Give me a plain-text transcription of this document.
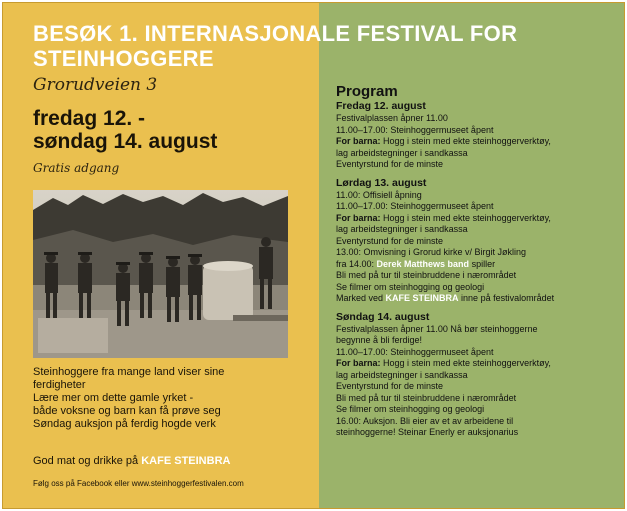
BESØK 1. INTERNASJONALE FESTIVAL FOR STEINHOGGERE
Grorudveien 3
fredag 12. -
søndag 14. august
Gratis adgang
Steinhoggere fra mange land viser sine
ferdigheter
Lære mer om dette gamle yrket -
både voksne og barn kan få prøve seg
Søndag auksjon på ferdig hogde verk
God mat og drikke på KAFE STEINBRA
Følg oss på Facebook eller www.steinhoggerfestivalen.com
Program
Fredag 12. august
Festivalplassen åpner 11.00
11.00–17.00: Steinhoggermuseet åpent
For barna: Hogg i stein med ekte steinhoggerverktøy,
lag arbeidstegninger i sandkassa
Eventyrstund for de minste
Lørdag 13. august
11.00: Offisiell åpning
11.00–17.00: Steinhoggermuseet åpent
For barna: Hogg i stein med ekte steinhoggerverktøy,
lag arbeidstegninger i sandkassa
Eventyrstund for de minste
13.00: Omvisning i Grorud kirke v/ Birgit Jøkling
fra 14.00: Derek Matthews band spiller
Bli med på tur til steinbruddene i nærområdet
Se filmer om steinhogging og geologi
Marked ved KAFE STEINBRA inne på festivalområdet
Søndag 14. august
Festivalplassen åpner 11.00 Nå bør steinhoggerne
begynne å bli ferdige!
11.00–17.00: Steinhoggermuseet åpent
For barna: Hogg i stein med ekte steinhoggerverktøy,
lag arbeidstegninger i sandkassa
Eventyrstund for de minste
Bli med på tur til steinbruddene i nærområdet
Se filmer om steinhogging og geologi
16.00: Auksjon. Bli eier av et av arbeidene til
steinhoggerne! Steinar Enerly er auksjonarius
